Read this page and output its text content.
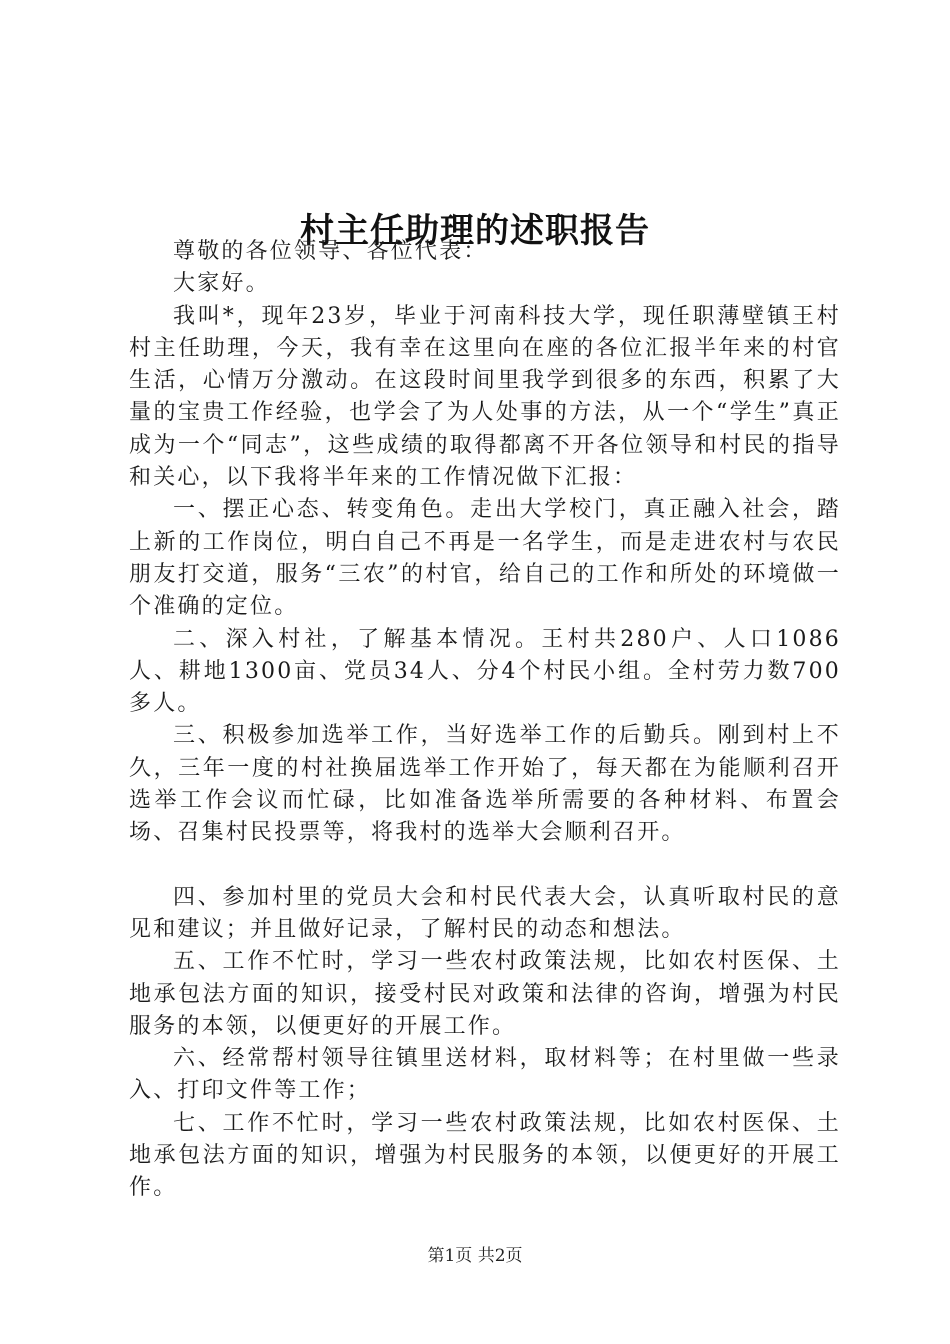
村主任助理的述职报告

尊敬的各位领导、各位代表：

大家好。

我叫*，现年23岁，毕业于河南科技大学，现任职薄壁镇王村村主任助理，今天，我有幸在这里向在座的各位汇报半年来的村官生活，心情万分激动。在这段时间里我学到很多的东西，积累了大量的宝贵工作经验，也学会了为人处事的方法，从一个“学生”真正成为一个“同志”，这些成绩的取得都离不开各位领导和村民的指导和关心，以下我将半年来的工作情况做下汇报：

一、摆正心态、转变角色。走出大学校门，真正融入社会，踏上新的工作岗位，明白自己不再是一名学生，而是走进农村与农民朋友打交道，服务“三农”的村官，给自己的工作和所处的环境做一个准确的定位。

二、深入村社，了解基本情况。王村共280户、人口1086人、耕地1300亩、党员34人、分4个村民小组。全村劳力数700多人。

三、积极参加选举工作，当好选举工作的后勤兵。刚到村上不久，三年一度的村社换届选举工作开始了，每天都在为能顺利召开选举工作会议而忙碌，比如准备选举所需要的各种材料、布置会场、召集村民投票等，将我村的选举大会顺利召开。

四、参加村里的党员大会和村民代表大会，认真听取村民的意见和建议；并且做好记录，了解村民的动态和想法。

五、工作不忙时，学习一些农村政策法规，比如农村医保、土地承包法方面的知识，接受村民对政策和法律的咨询，增强为村民服务的本领，以便更好的开展工作。

六、经常帮村领导往镇里送材料，取材料等；在村里做一些录入、打印文件等工作；

七、工作不忙时，学习一些农村政策法规，比如农村医保、土地承包法方面的知识，增强为村民服务的本领，以便更好的开展工作。

第1页 共2页
